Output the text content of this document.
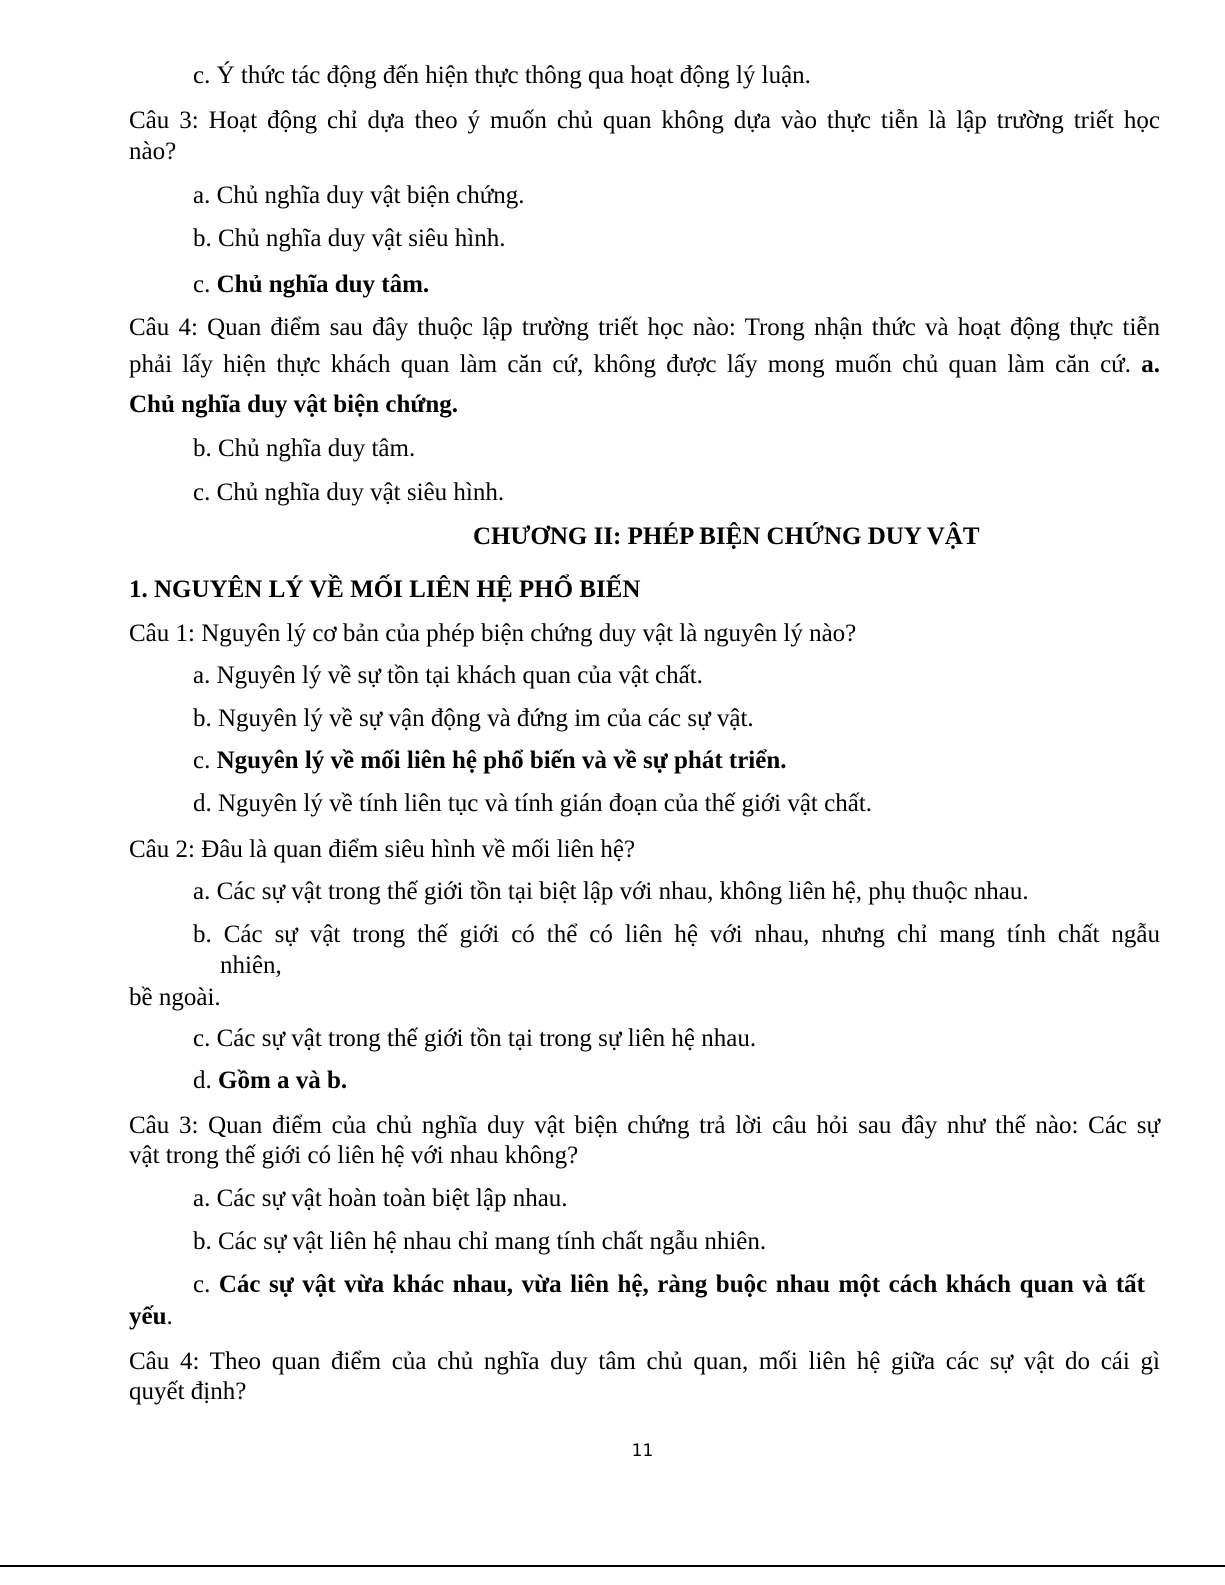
c. Ý thức tác động đến hiện thực thông qua hoạt động lý luận.
Câu 3: Hoạt động chỉ dựa theo ý muốn chủ quan không dựa vào thực tiễn là lập trường triết học
nào?
a. Chủ nghĩa duy vật biện chứng.
b. Chủ nghĩa duy vật siêu hình.
c. Chủ nghĩa duy tâm.
Câu 4: Quan điểm sau đây thuộc lập trường triết học nào: Trong nhận thức và hoạt động thực tiễn
phải lấy hiện thực khách quan làm căn cứ, không được lấy mong muốn chủ quan làm căn cứ. a.
Chủ nghĩa duy vật biện chứng.
b. Chủ nghĩa duy tâm.
c. Chủ nghĩa duy vật siêu hình.
CHƯƠNG II: PHÉP BIỆN CHỨNG DUY VẬT
1. NGUYÊN LÝ VỀ MỐI LIÊN HỆ PHỔ BIẾN
Câu 1: Nguyên lý cơ bản của phép biện chứng duy vật là nguyên lý nào?
a. Nguyên lý về sự tồn tại khách quan của vật chất.
b. Nguyên lý về sự vận động và đứng im của các sự vật.
c. Nguyên lý về mối liên hệ phổ biến và về sự phát triển.
d. Nguyên lý về tính liên tục và tính gián đoạn của thế giới vật chất.
Câu 2: Đâu là quan điểm siêu hình về mối liên hệ?
a. Các sự vật trong thế giới tồn tại biệt lập với nhau, không liên hệ, phụ thuộc nhau.
b. Các sự vật trong thế giới có thể có liên hệ với nhau, nhưng chỉ mang tính chất ngẫu
nhiên,
bề ngoài.
c. Các sự vật trong thế giới tồn tại trong sự liên hệ nhau.
d. Gồm a và b.
Câu 3: Quan điểm của chủ nghĩa duy vật biện chứng trả lời câu hỏi sau đây như thế nào: Các sự
vật trong thế giới có liên hệ với nhau không?
a. Các sự vật hoàn toàn biệt lập nhau.
b. Các sự vật liên hệ nhau chỉ mang tính chất ngẫu nhiên.
c. Các sự vật vừa khác nhau, vừa liên hệ, ràng buộc nhau một cách khách quan và tất
yếu.
Câu 4: Theo quan điểm của chủ nghĩa duy tâm chủ quan, mối liên hệ giữa các sự vật do cái gì
quyết định?
11
